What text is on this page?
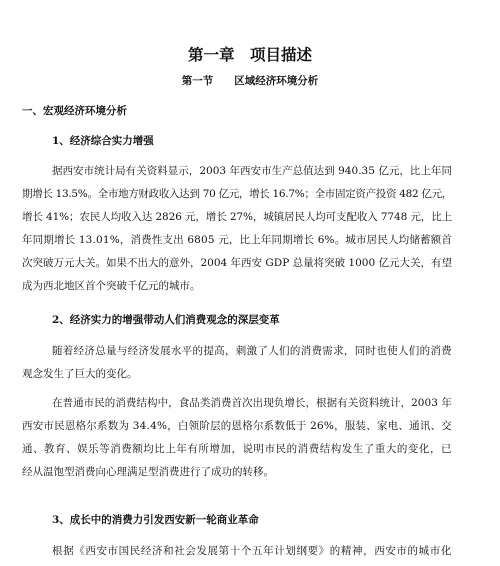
第一章　项目描述
第一节　　区域经济环境分析
一、宏观经济环境分析
1、经济综合实力增强
据西安市统计局有关资料显示，2003 年西安市生产总值达到 940.35 亿元，比上年同
期增长 13.5%。全市地方财政收入达到 70 亿元，增长 16.7%；全市固定资产投资 482 亿元，
增长 41%；农民人均收入达 2826 元，增长 27%，城镇居民人均可支配收入 7748 元，比上
年同期增长 13.01%，消费性支出 6805 元，比上年同期增长 6%。城市居民人均储蓄额首
次突破万元大关。如果不出大的意外，2004 年西安 GDP 总量将突破 1000 亿元大关，有望
成为西北地区首个突破千亿元的城市。
2、经济实力的增强带动人们消费观念的深层变革
随着经济总量与经济发展水平的提高，刺激了人们的消费需求，同时也使人们的消费
观念发生了巨大的变化。
在普通市民的消费结构中，食品类消费首次出现负增长，根据有关资料统计，2003 年
西安市民恩格尔系数为 34.4%，白领阶层的恩格尔系数低于 26%，服装、家电、通讯、交
通、教育、娱乐等消费额均比上年有所增加，说明市民的消费结构发生了重大的变化，已
经从温饱型消费向心理满足型消费进行了成功的转移。
3、成长中的消费力引发西安新一轮商业革命
根据《西安市国民经济和社会发展第十个五年计划纲要》的精神，西安市的城市化
